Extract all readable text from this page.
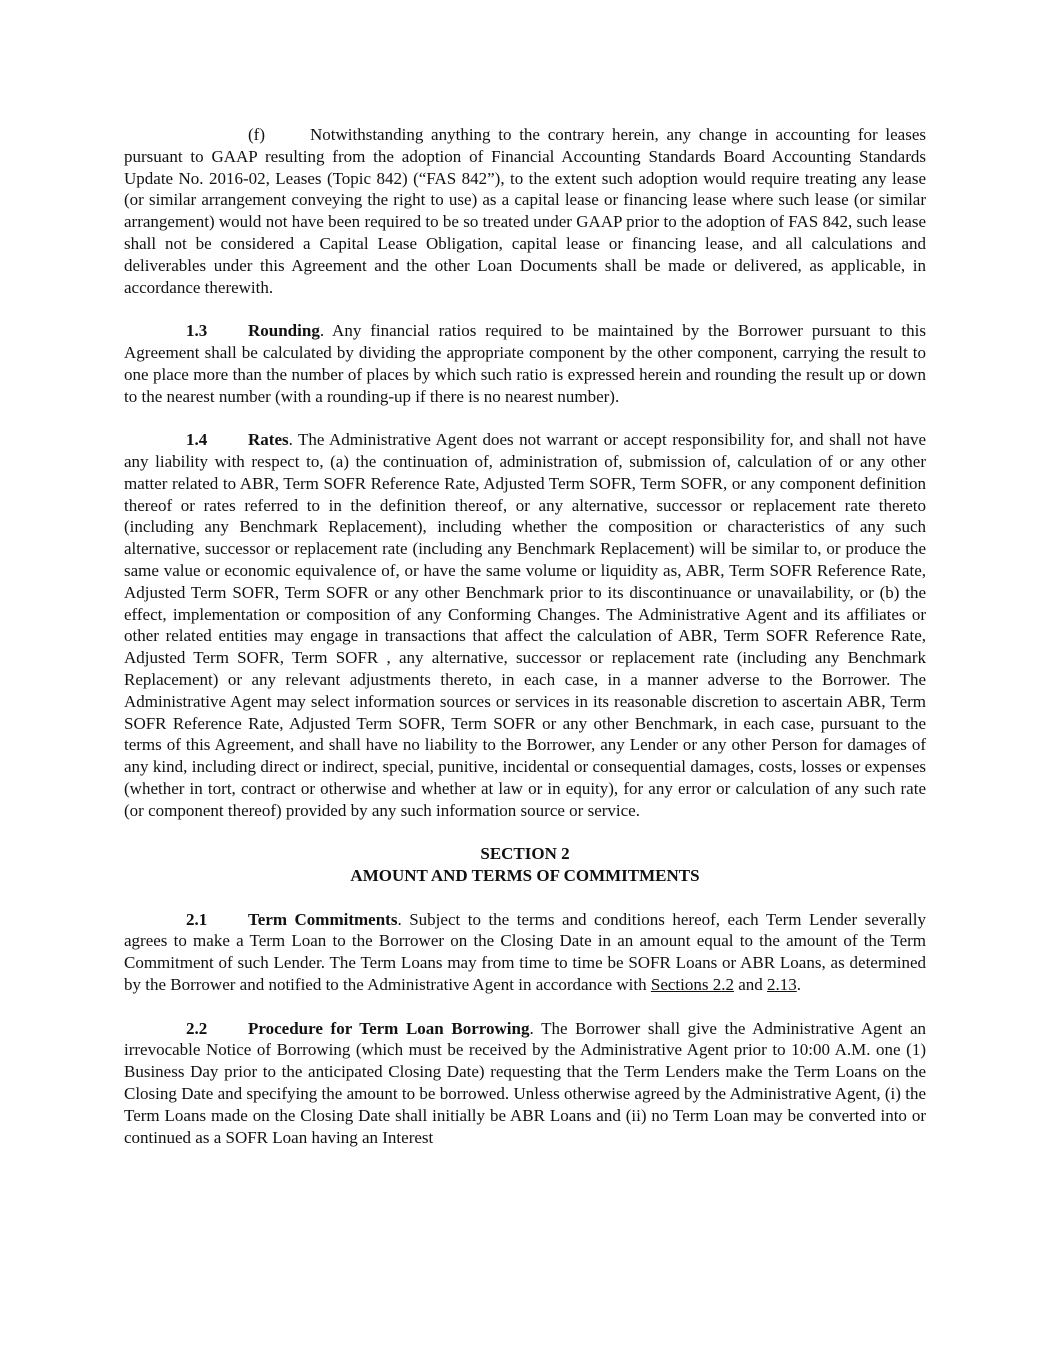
(f)	Notwithstanding anything to the contrary herein, any change in accounting for leases pursuant to GAAP resulting from the adoption of Financial Accounting Standards Board Accounting Standards Update No. 2016-02, Leases (Topic 842) (“FAS 842”), to the extent such adoption would require treating any lease (or similar arrangement conveying the right to use) as a capital lease or financing lease where such lease (or similar arrangement) would not have been required to be so treated under GAAP prior to the adoption of FAS 842, such lease shall not be considered a Capital Lease Obligation, capital lease or financing lease, and all calculations and deliverables under this Agreement and the other Loan Documents shall be made or delivered, as applicable, in accordance therewith.

1.3 Rounding. Any financial ratios required to be maintained by the Borrower pursuant to this Agreement shall be calculated by dividing the appropriate component by the other component, carrying the result to one place more than the number of places by which such ratio is expressed herein and rounding the result up or down to the nearest number (with a rounding-up if there is no nearest number).

1.4 Rates. The Administrative Agent does not warrant or accept responsibility for, and shall not have any liability with respect to, (a) the continuation of, administration of, submission of, calculation of or any other matter related to ABR, Term SOFR Reference Rate, Adjusted Term SOFR, Term SOFR, or any component definition thereof or rates referred to in the definition thereof, or any alternative, successor or replacement rate thereto (including any Benchmark Replacement), including whether the composition or characteristics of any such alternative, successor or replacement rate (including any Benchmark Replacement) will be similar to, or produce the same value or economic equivalence of, or have the same volume or liquidity as, ABR, Term SOFR Reference Rate, Adjusted Term SOFR, Term SOFR or any other Benchmark prior to its discontinuance or unavailability, or (b) the effect, implementation or composition of any Conforming Changes. The Administrative Agent and its affiliates or other related entities may engage in transactions that affect the calculation of ABR, Term SOFR Reference Rate, Adjusted Term SOFR, Term SOFR , any alternative, successor or replacement rate (including any Benchmark Replacement) or any relevant adjustments thereto, in each case, in a manner adverse to the Borrower. The Administrative Agent may select information sources or services in its reasonable discretion to ascertain ABR, Term SOFR Reference Rate, Adjusted Term SOFR, Term SOFR or any other Benchmark, in each case, pursuant to the terms of this Agreement, and shall have no liability to the Borrower, any Lender or any other Person for damages of any kind, including direct or indirect, special, punitive, incidental or consequential damages, costs, losses or expenses (whether in tort, contract or otherwise and whether at law or in equity), for any error or calculation of any such rate (or component thereof) provided by any such information source or service.

SECTION 2
AMOUNT AND TERMS OF COMMITMENTS

2.1 Term Commitments. Subject to the terms and conditions hereof, each Term Lender severally agrees to make a Term Loan to the Borrower on the Closing Date in an amount equal to the amount of the Term Commitment of such Lender. The Term Loans may from time to time be SOFR Loans or ABR Loans, as determined by the Borrower and notified to the Administrative Agent in accordance with Sections 2.2 and 2.13.

2.2 Procedure for Term Loan Borrowing. The Borrower shall give the Administrative Agent an irrevocable Notice of Borrowing (which must be received by the Administrative Agent prior to 10:00 A.M. one (1) Business Day prior to the anticipated Closing Date) requesting that the Term Lenders make the Term Loans on the Closing Date and specifying the amount to be borrowed. Unless otherwise agreed by the Administrative Agent, (i) the Term Loans made on the Closing Date shall initially be ABR Loans and (ii) no Term Loan may be converted into or continued as a SOFR Loan having an Interest
